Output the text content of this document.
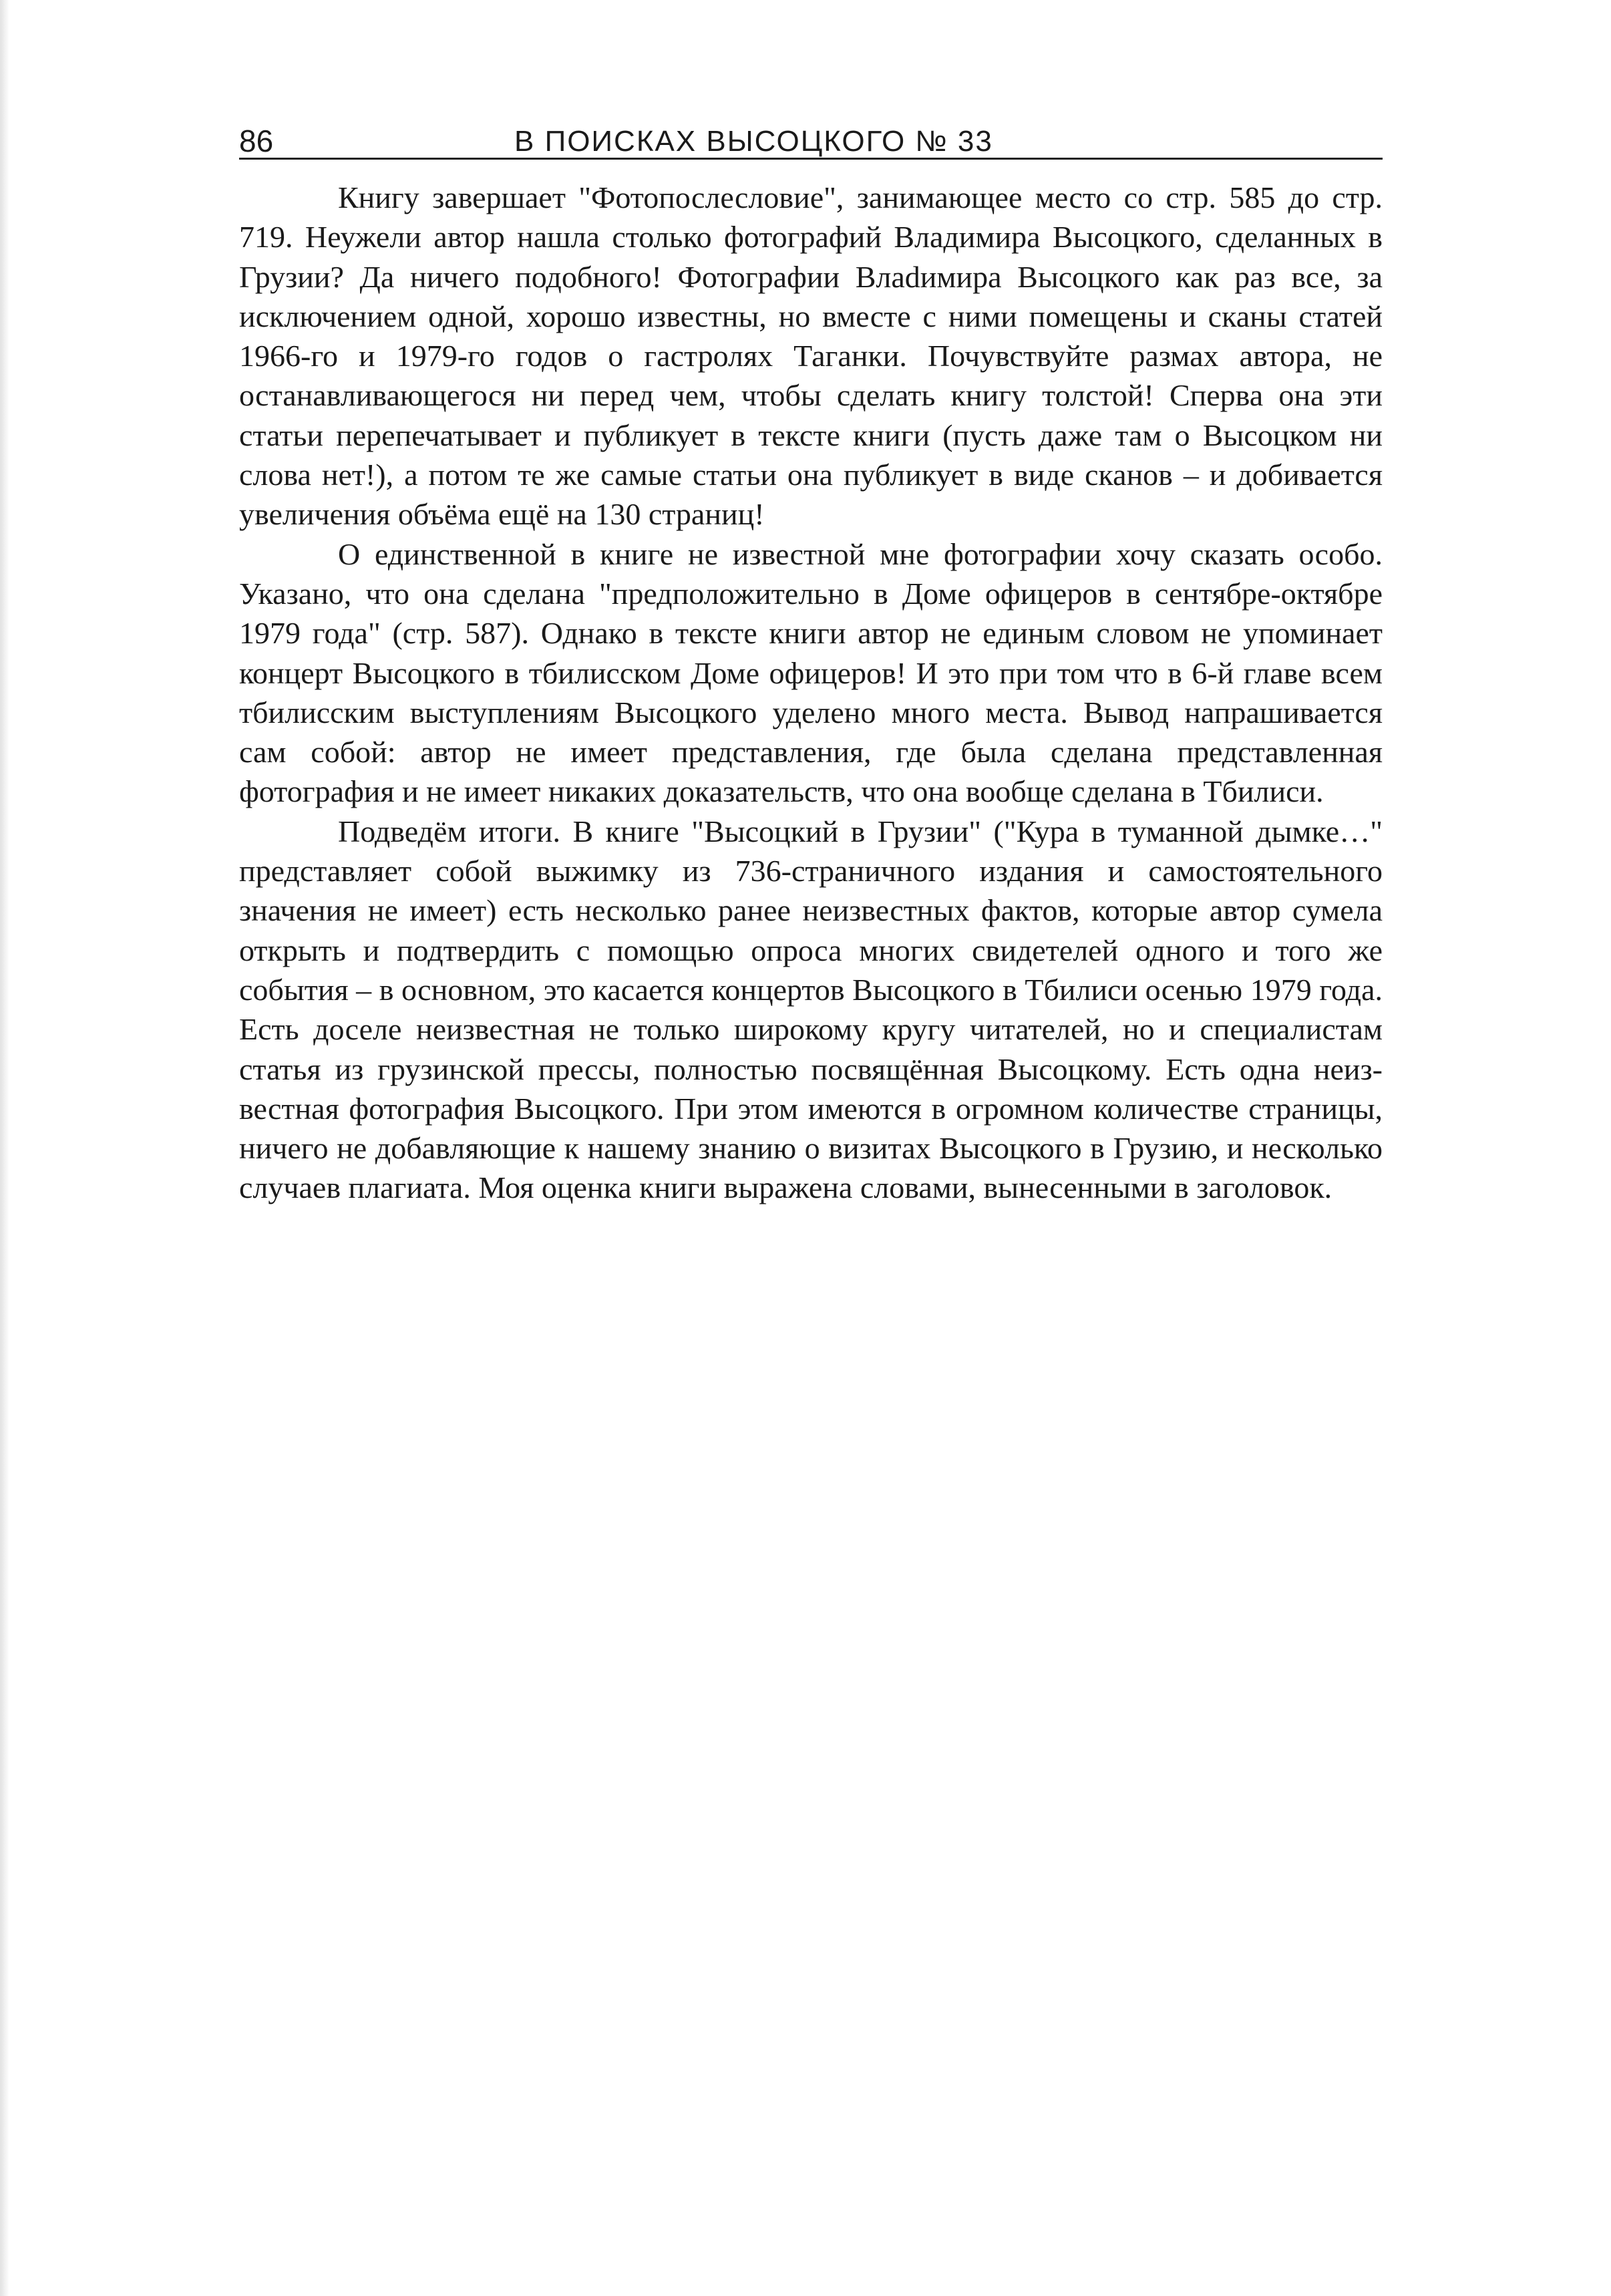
86	В ПОИСКАХ ВЫСОЦКОГО № 33

Книгу завершает "Фотопослесловие", занимающее место со стр. 585 до стр. 719. Неужели автор нашла столько фотографий Владимира Высоцкого, сделанных в Грузии? Да ничего подобного! Фотографии Влаdимира Высоцкого как раз все, за исключением одной, хорошо известны, но вместе с ними помещены и сканы статей 1966-го и 1979-го годов о гастролях Таганки. Почувствуйте размах автора, не останавливающегося ни перед чем, чтобы сделать книгу толстой! Сперва она эти статьи перепечатывает и публикует в тексте книги (пусть даже там о Высоцком ни слова нет!), а потом те же самые статьи она публикует в виде сканов – и добивается увеличения объёма ещё на 130 страниц!

О единственной в книге не известной мне фотографии хочу сказать особо. Указано, что она сделана "предположительно в Доме офицеров в сентябре-октябре 1979 года" (стр. 587). Однако в тексте книги автор не единым словом не упоминает концерт Высоцкого в тбилисском Доме офицеров! И это при том что в 6-й главе всем тбилисским выступлениям Высоцкого уделено много места. Вывод напрашивается сам собой: автор не имеет представления, где была сделана представленная фотография и не имеет никаких доказательств, что она вообще сделана в Тбилиси.

Подведём итоги. В книге "Высоцкий в Грузии" ("Кура в туманной дымке…" представляет собой выжимку из 736-страничного издания и самостоятельного значения не имеет) есть несколько ранее неизвестных фактов, которые автор сумела открыть и подтвердить с помощью опроса многих свидетелей одного и того же события – в основном, это касается концертов Высоцкого в Тбилиси осенью 1979 года. Есть доселе неизвестная не только широкому кругу читателей, но и специалистам статья из грузинской прессы, полностью посвящённая Высоцкому. Есть одна неизвестная фотография Высоцкого. При этом имеются в огромном количестве страницы, ничего не добавляющие к нашему знанию о визитах Высоцкого в Грузию, и несколько случаев плагиата. Моя оценка книги выражена словами, вынесенными в заголовок.
